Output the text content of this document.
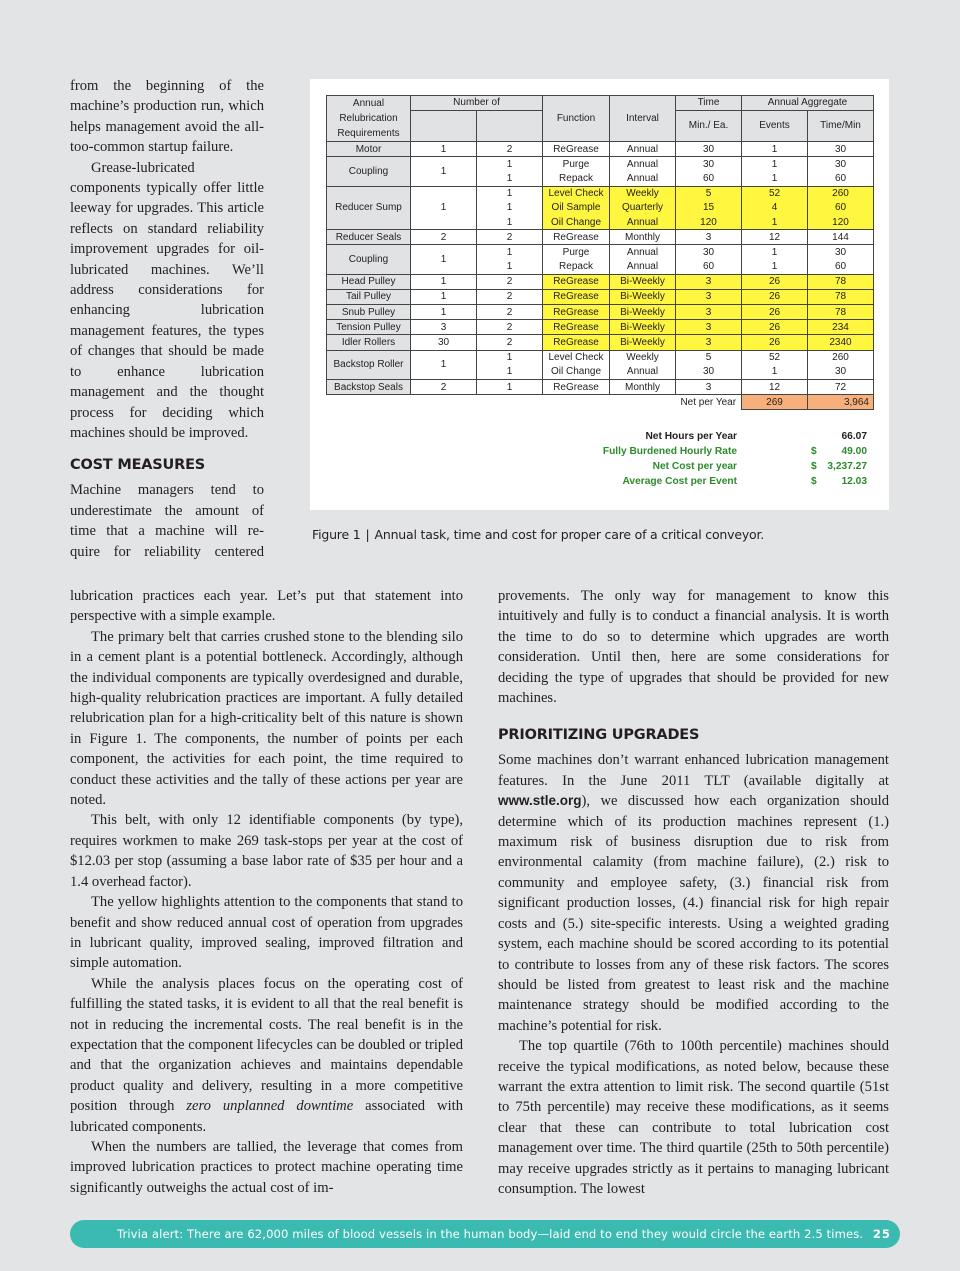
from the beginning of the machine’s production run, which helps management avoid the all-too-common startup failure.

Grease-lubricated components typically offer little leeway for upgrades. This article reflects on standard reliability improvement upgrades for oil-lubricated machines. We’ll address considerations for enhancing lubrication management features, the types of changes that should be made to enhance lubrication management and the thought process for deciding which machines should be improved.

COST MEASURES
Machine managers tend to
underestimate the amount of
time that a machine will re-
quire for reliability centered

lubrication practices each year. Let’s put that statement into perspective with a simple example.

The primary belt that carries crushed stone to the blending silo in a cement plant is a potential bottleneck. Accordingly, although the individual components are typically overdesigned and durable, high-quality relubrication practices are important. A fully detailed relubrication plan for a high-criticality belt of this nature is shown in Figure 1. The components, the number of points per each component, the activities for each point, the time required to conduct these activities and the tally of these actions per year are noted.

This belt, with only 12 identifiable components (by type), requires workmen to make 269 task-stops per year at the cost of $12.03 per stop (assuming a base labor rate of $35 per hour and a 1.4 overhead factor).

The yellow highlights attention to the components that stand to benefit and show reduced annual cost of operation from upgrades in lubricant quality, improved sealing, improved filtration and simple automation.

While the analysis places focus on the operating cost of fulfilling the stated tasks, it is evident to all that the real benefit is not in reducing the incremental costs. The real benefit is in the expectation that the component lifecycles can be doubled or tripled and that the organization achieves and maintains dependable product quality and delivery, resulting in a more competitive position through zero unplanned downtime associated with lubricated components.

When the numbers are tallied, the leverage that comes from improved lubrication practices to protect machine operating time significantly outweighs the actual cost of im-

provements. The only way for management to know this intuitively and fully is to conduct a financial analysis. It is worth the time to do so to determine which upgrades are worth consideration. Until then, here are some considerations for deciding the type of upgrades that should be provided for new machines.

PRIORITIZING UPGRADES

Some machines don’t warrant enhanced lubrication management features. In the June 2011 TLT (available digitally at www.stle.org), we discussed how each organization should determine which of its production machines represent (1.) maximum risk of business disruption due to risk from environmental calamity (from machine failure), (2.) risk to community and employee safety, (3.) financial risk from significant production losses, (4.) financial risk for high repair costs and (5.) site-specific interests. Using a weighted grading system, each machine should be scored according to its potential to contribute to losses from any of these risk factors. The scores should be listed from greatest to least risk and the machine maintenance strategy should be modified according to the machine’s potential for risk.

The top quartile (76th to 100th percentile) machines should receive the typical modifications, as noted below, because these warrant the extra attention to limit risk. The second quartile (51st to 75th percentile) may receive these modifications, as it seems clear that these can contribute to total lubrication cost management over time. The third quartile (25th to 50th percentile) may receive upgrades strictly as it pertains to managing lubricant consumption. The lowest

Annual
Relubrication
Requirements	Number of		Function	Interval	Time	Annual Aggregate	
					Min./ Ea.	Events	Time/Min

Motor	1	2	ReGrease	Annual	30	1	30
Coupling	1	1	Purge	Annual	30	1	30
		1	Repack	Annual	60	1	60
Reducer Sump	1	1	Level Check	Weekly	5	52	260
		1	Oil Sample	Quarterly	15	4	60
		1	Oil Change	Annual	120	1	120
Reducer Seals	2	2	ReGrease	Monthly	3	12	144
Coupling	1	1	Purge	Annual	30	1	30
		1	Repack	Annual	60	1	60
Head Pulley	1	2	ReGrease	Bi-Weekly	3	26	78
Tail Pulley	1	2	ReGrease	Bi-Weekly	3	26	78
Snub Pulley	1	2	ReGrease	Bi-Weekly	3	26	78
Tension Pulley	3	2	ReGrease	Bi-Weekly	3	26	234
Idler Rollers	30	2	ReGrease	Bi-Weekly	3	26	2340
Backstop Roller	1	1	Level Check	Weekly	5	52	260
		1	Oil Change	Annual	30	1	30
Backstop Seals	2	1	ReGrease	Monthly	3	12	72
					Net per Year	269	3,964
Net Hours per Year	66.07
Fully Burdened Hourly Rate	$ 49.00
Net Cost per year	$ 3,237.27
Average Cost per Event	$ 12.03
Figure 1 | Annual task, time and cost for proper care of a critical conveyor.
Trivia alert: There are 62,000 miles of blood vessels in the human body—laid end to end they would circle the earth 2.5 times. 25
